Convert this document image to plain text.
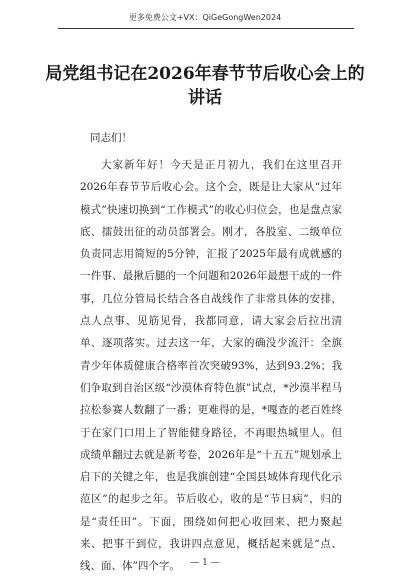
更多免费公文+VX：QiGeGongWen2024
局党组书记在2026年春节节后收心会上的讲话
同志们！
大家新年好！今天是正月初九，我们在这里召开2026年春节节后收心会。这个会，既是让大家从“过年模式”快速切换到“工作模式”的收心归位会，也是盘点家底、擂鼓出征的动员部署会。刚才，各股室、二级单位负责同志用简短的5分钟，汇报了2025年最有成就感的一件事、最揪后腿的一个问题和2026年最想干成的一件事，几位分管局长结合各自战线作了非常具体的安排，点人点事、见筋见骨，我都同意，请大家会后拉出清单、逐项落实。过去这一年，大家的确没少流汗：全旗青少年体质健康合格率首次突破93%，达到93.2%；我们争取到自治区级“沙漠体育特色旗”试点，*沙漠半程马拉松参赛人数翻了一番；更难得的是，*嘎查的老百姓终于在家门口用上了智能健身路径，不再眼热城里人。但成绩单翻过去就是新考卷，2026年是“十五五”规划承上启下的关键之年，也是我旗创建“全国县域体育现代化示范区”的起步之年。节后收心，收的是“节日病”，归的是“责任田”。下面，围绕如何把心收回来、把力聚起来、把事干到位，我讲四点意见，概括起来就是“点、线、面、体”四个字。	— 1 —
